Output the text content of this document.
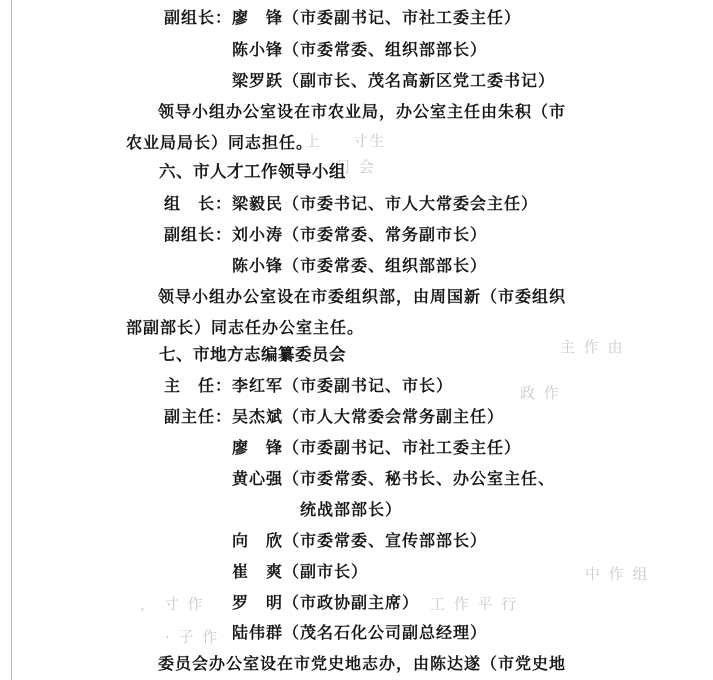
上 　 寸生
门 会
主 作 由
政 作
工 作 平 行
， 寸 作
中 作 组
· 子 作
副组长：廖　锋（市委副书记、市社工委主任）
陈小锋（市委常委、组织部部长）
梁罗跃（副市长、茂名高新区党工委书记）
领导小组办公室设在市农业局，办公室主任由朱积（市
农业局局长）同志担任。
六、市人才工作领导小组
组　长：梁毅民（市委书记、市人大常委会主任）
副组长：刘小涛（市委常委、常务副市长）
陈小锋（市委常委、组织部部长）
领导小组办公室设在市委组织部，由周国新（市委组织
部副部长）同志任办公室主任。
七、市地方志编纂委员会
主　任：李红军（市委副书记、市长）
副主任：吴杰斌（市人大常委会常务副主任）
廖　锋（市委副书记、市社工委主任）
黄心强（市委常委、秘书长、办公室主任、
统战部部长）
向　欣（市委常委、宣传部部长）
崔　爽（副市长）
罗　明（市政协副主席）
陆伟群（茂名石化公司副总经理）
委员会办公室设在市党史地志办，由陈达遂（市党史地
